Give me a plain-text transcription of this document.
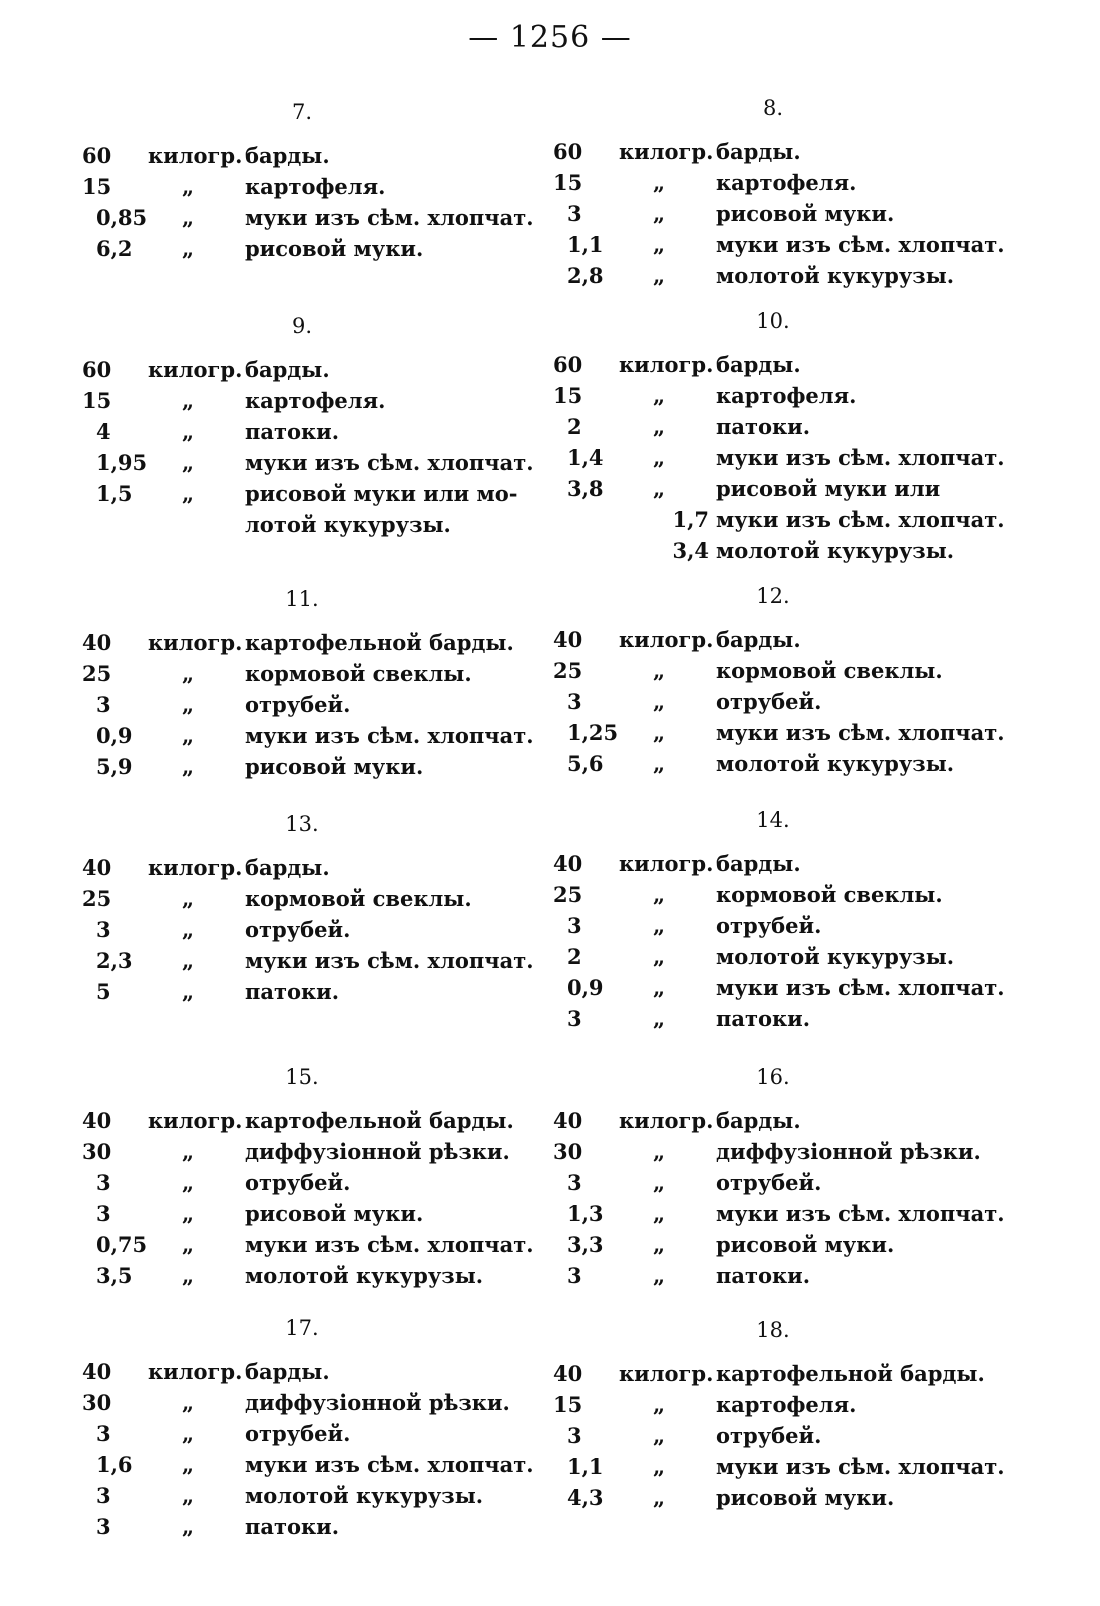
— 1256 —
7.
60	килогр. барды.
15	„	картофеля.
0,85	„	муки изъ сѣм. хлопчат.
6,2	„	рисовой муки.
9.
60	килогр. барды.
15	„	картофеля.
4	„	патоки.
1,95	„	муки изъ сѣм. хлопчат.
1,5	„	рисовой муки или мо-
лотой кукурузы.
11.
40	килогр. картофельной барды.
25	„	кормовой свеклы.
3	„	отрубей.
0,9	„	муки изъ сѣм. хлопчат.
5,9	„	рисовой муки.
13.
40	килогр. барды.
25	„	кормовой свеклы.
3	„	отрубей.
2,3	„	муки изъ сѣм. хлопчат.
5	„	патоки.
15.
40	килогр. картофельной барды.
30	„	диффузіонной рѣзки.
3	„	отрубей.
3	„	рисовой муки.
0,75	„	муки изъ сѣм. хлопчат.
3,5	„	молотой кукурузы.
17.
40	килогр. барды.
30	„	диффузіонной рѣзки.
3	„	отрубей.
1,6	„	муки изъ сѣм. хлопчат.
3	„	молотой кукурузы.
3	„	патоки.
8.
60	килогр. барды.
15	„	картофеля.
3	„	рисовой муки.
1,1	„	муки изъ сѣм. хлопчат.
2,8	„	молотой кукурузы.
10.
60	килогр. барды.
15	„	картофеля.
2	„	патоки.
1,4	„	муки изъ сѣм. хлопчат.
3,8	„	рисовой муки или
1,7 муки изъ сѣм. хлопчат.
3,4 молотой кукурузы.
12.
40	килогр. барды.
25	„	кормовой свеклы.
3	„	отрубей.
1,25	„	муки изъ сѣм. хлопчат.
5,6	„	молотой кукурузы.
14.
40	килогр. барды.
25	„	кормовой свеклы.
3	„	отрубей.
2	„	молотой кукурузы.
0,9	„	муки изъ сѣм. хлопчат.
3	„	патоки.
16.
40	килогр. барды.
30	„	диффузіонной рѣзки.
3	„	отрубей.
1,3	„	муки изъ сѣм. хлопчат.
3,3	„	рисовой муки.
3	„	патоки.
18.
40	килогр. картофельной барды.
15	„	картофеля.
3	„	отрубей.
1,1	„	муки изъ сѣм. хлопчат.
4,3	„	рисовой муки.
